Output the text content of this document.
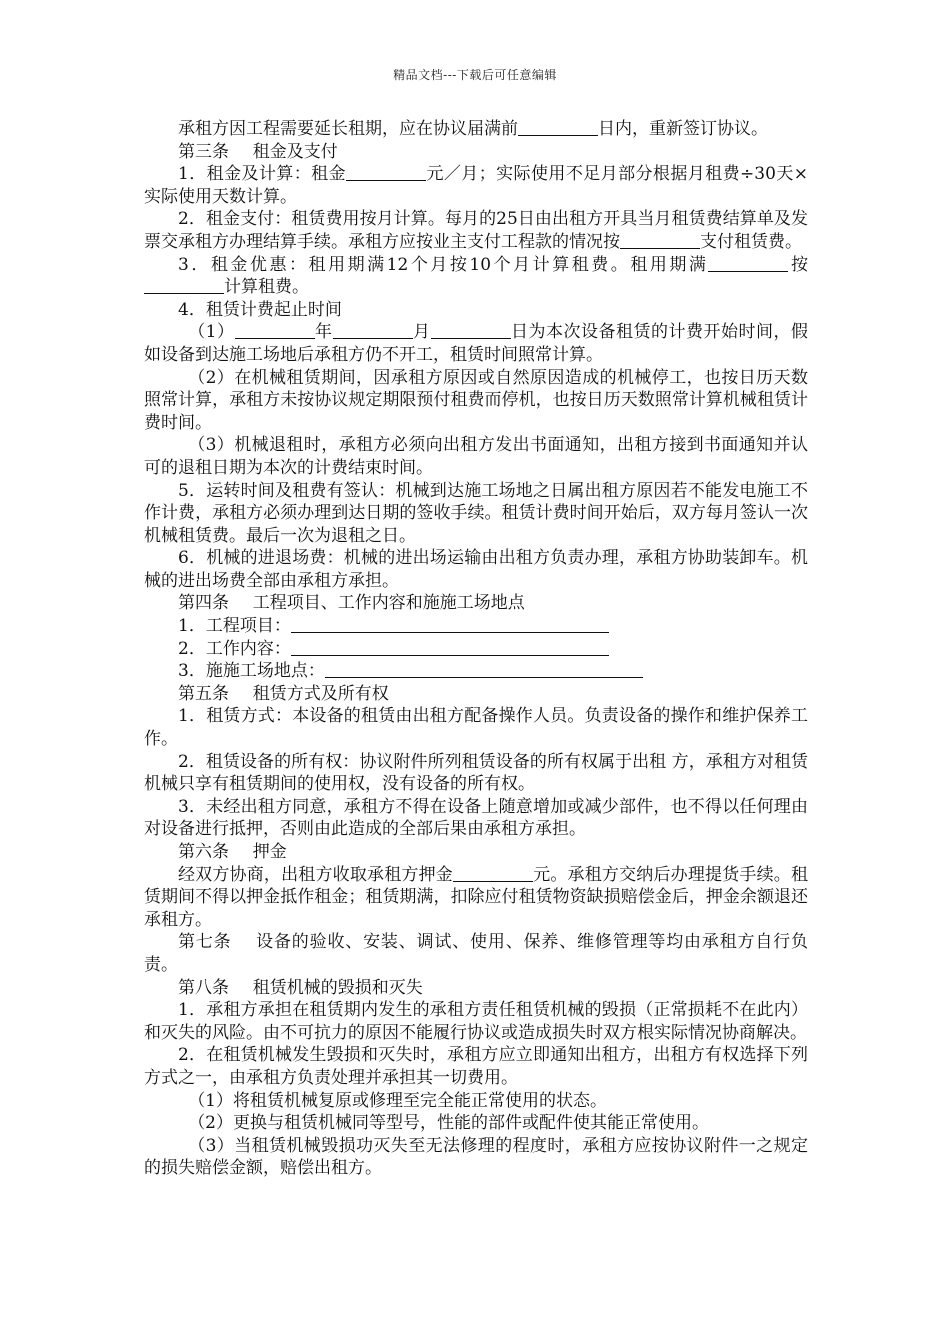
精品文档---下载后可任意编辑

承租方因工程需要延长租期，应在协议届满前	日内，重新签订协议。

第三条 租金及支付

1．租金及计算：租金	元／月；实际使用不足月部分根据月租费÷30天×实际使用天数计算。

2．租金支付：租赁费用按月计算。每月的25日由出租方开具当月租赁费结算单及发票交承租方办理结算手续。承租方应按业主支付工程款的情况按	支付租赁费。

3．租金优惠：租用期满12个月按10个月计算租费。租用期满	按计算租费。

4．租赁计费起止时间

（1）	年	月	日为本次设备租赁的计费开始时间，假如设备到达施工场地后承租方仍不开工，租赁时间照常计算。

（2）在机械租赁期间，因承租方原因或自然原因造成的机械停工，也按日历天数照常计算，承租方未按协议规定期限预付租费而停机，也按日历天数照常计算机械租赁计费时间。

（3）机械退租时，承租方必须向出租方发出书面通知，出租方接到书面通知并认可的退租日期为本次的计费结束时间。

5．运转时间及租费有签认：机械到达施工场地之日属出租方原因若不能发电施工不作计费，承租方必须办理到达日期的签收手续。租赁计费时间开始后，双方每月签认一次机械租赁费。最后一次为退租之日。

6．机械的进退场费：机械的进出场运输由出租方负责办理，承租方协助装卸车。机械的进出场费全部由承租方承担。

第四条 工程项目、工作内容和施施工场地点

1．工程项目：

2．工作内容：

3．施施工场地点：

第五条 租赁方式及所有权

1．租赁方式：本设备的租赁由出租方配备操作人员。负责设备的操作和维护保养工作。

2．租赁设备的所有权：协议附件所列租赁设备的所有权属于出租 方，承租方对租赁机械只享有租赁期间的使用权，没有设备的所有权。

3．未经出租方同意，承租方不得在设备上随意增加或减少部件，也不得以任何理由对设备进行抵押，否则由此造成的全部后果由承租方承担。

第六条 押金

经双方协商，出租方收取承租方押金	元。承租方交纳后办理提货手续。租赁期间不得以押金抵作租金；租赁期满，扣除应付租赁物资缺损赔偿金后，押金余额退还承租方。

第七条 设备的验收、安装、调试、使用、保养、维修管理等均由承租方自行负责。

第八条 租赁机械的毁损和灭失

1．承租方承担在租赁期内发生的承租方责任租赁机械的毁损（正常损耗不在此内）和灭失的风险。由不可抗力的原因不能履行协议或造成损失时双方根实际情况协商解决。

2．在租赁机械发生毁损和灭失时，承租方应立即通知出租方，出租方有权选择下列方式之一，由承租方负责处理并承担其一切费用。

（1）将租赁机械复原或修理至完全能正常使用的状态。

（2）更换与租赁机械同等型号，性能的部件或配件使其能正常使用。

（3）当租赁机械毁损功灭失至无法修理的程度时，承租方应按协议附件一之规定的损失赔偿金额，赔偿出租方。
